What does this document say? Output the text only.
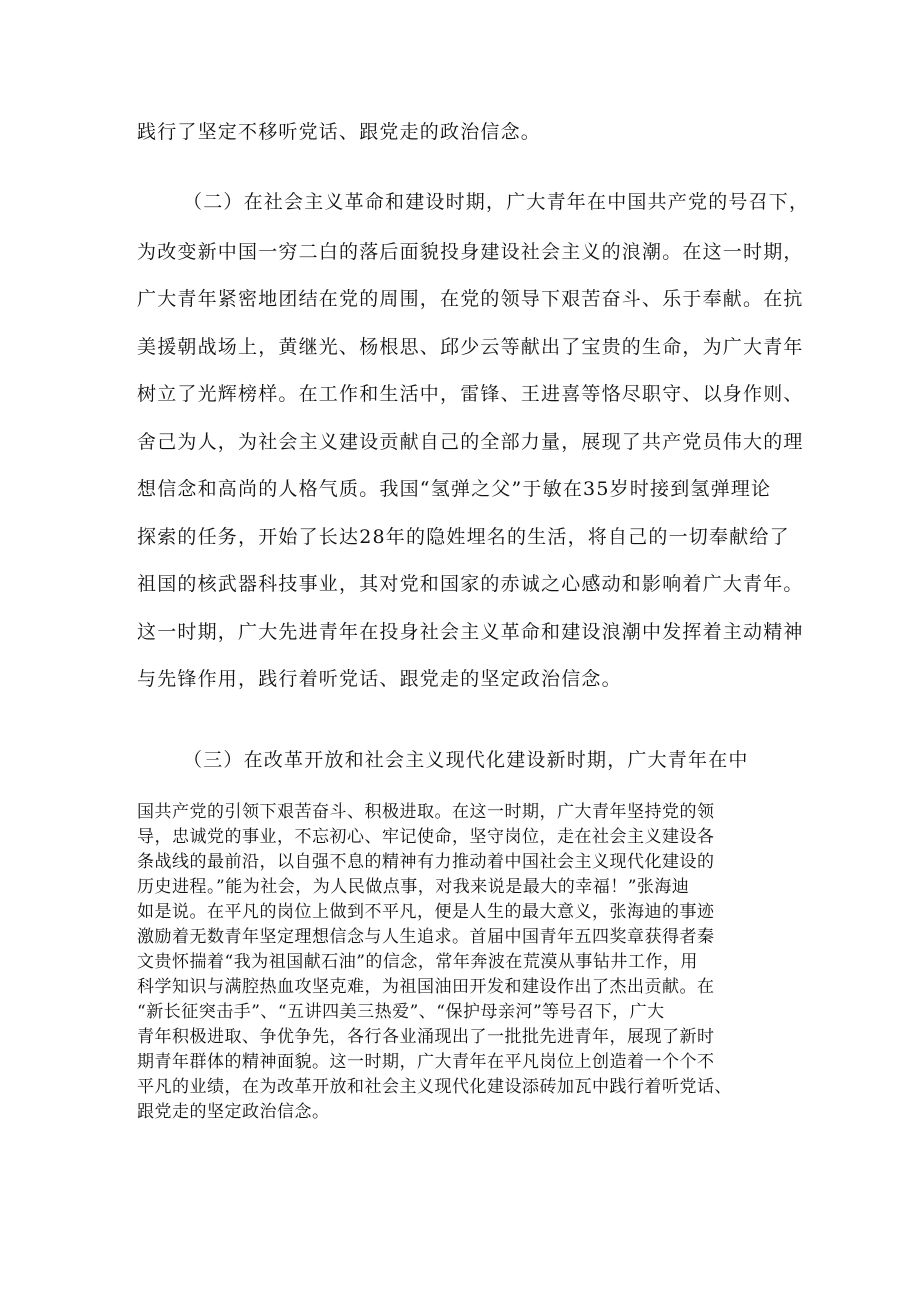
践行了坚定不移听党话、跟党走的政治信念。
（二）在社会主义革命和建设时期，广大青年在中国共产党的号召下，
为改变新中国一穷二白的落后面貌投身建设社会主义的浪潮。在这一时期，
广大青年紧密地团结在党的周围，在党的领导下艰苦奋斗、乐于奉献。在抗
美援朝战场上，黄继光、杨根思、邱少云等献出了宝贵的生命，为广大青年
树立了光辉榜样。在工作和生活中，雷锋、王进喜等恪尽职守、以身作则、
舍己为人，为社会主义建设贡献自己的全部力量，展现了共产党员伟大的理
想信念和高尚的人格气质。我国“氢弹之父”于敏在35岁时接到氢弹理论
探索的任务，开始了长达28年的隐姓埋名的生活，将自己的一切奉献给了
祖国的核武器科技事业，其对党和国家的赤诚之心感动和影响着广大青年。
这一时期，广大先进青年在投身社会主义革命和建设浪潮中发挥着主动精神
与先锋作用，践行着听党话、跟党走的坚定政治信念。
（三）在改革开放和社会主义现代化建设新时期，广大青年在中
国共产党的引领下艰苦奋斗、积极进取。在这一时期，广大青年坚持党的领
导，忠诚党的事业，不忘初心、牢记使命，坚守岗位，走在社会主义建设各
条战线的最前沿，以自强不息的精神有力推动着中国社会主义现代化建设的
历史进程。”能为社会，为人民做点事，对我来说是最大的幸福！”张海迪
如是说。在平凡的岗位上做到不平凡，便是人生的最大意义，张海迪的事迹
激励着无数青年坚定理想信念与人生追求。首届中国青年五四奖章获得者秦
文贵怀揣着“我为祖国献石油”的信念，常年奔波在荒漠从事钻井工作，用
科学知识与满腔热血攻坚克难，为祖国油田开发和建设作出了杰出贡献。在
“新长征突击手”、“五讲四美三热爱”、“保护母亲河”等号召下，广大
青年积极进取、争优争先，各行各业涌现出了一批批先进青年，展现了新时
期青年群体的精神面貌。这一时期，广大青年在平凡岗位上创造着一个个不
平凡的业绩，在为改革开放和社会主义现代化建设添砖加瓦中践行着听党话、
跟党走的坚定政治信念。
